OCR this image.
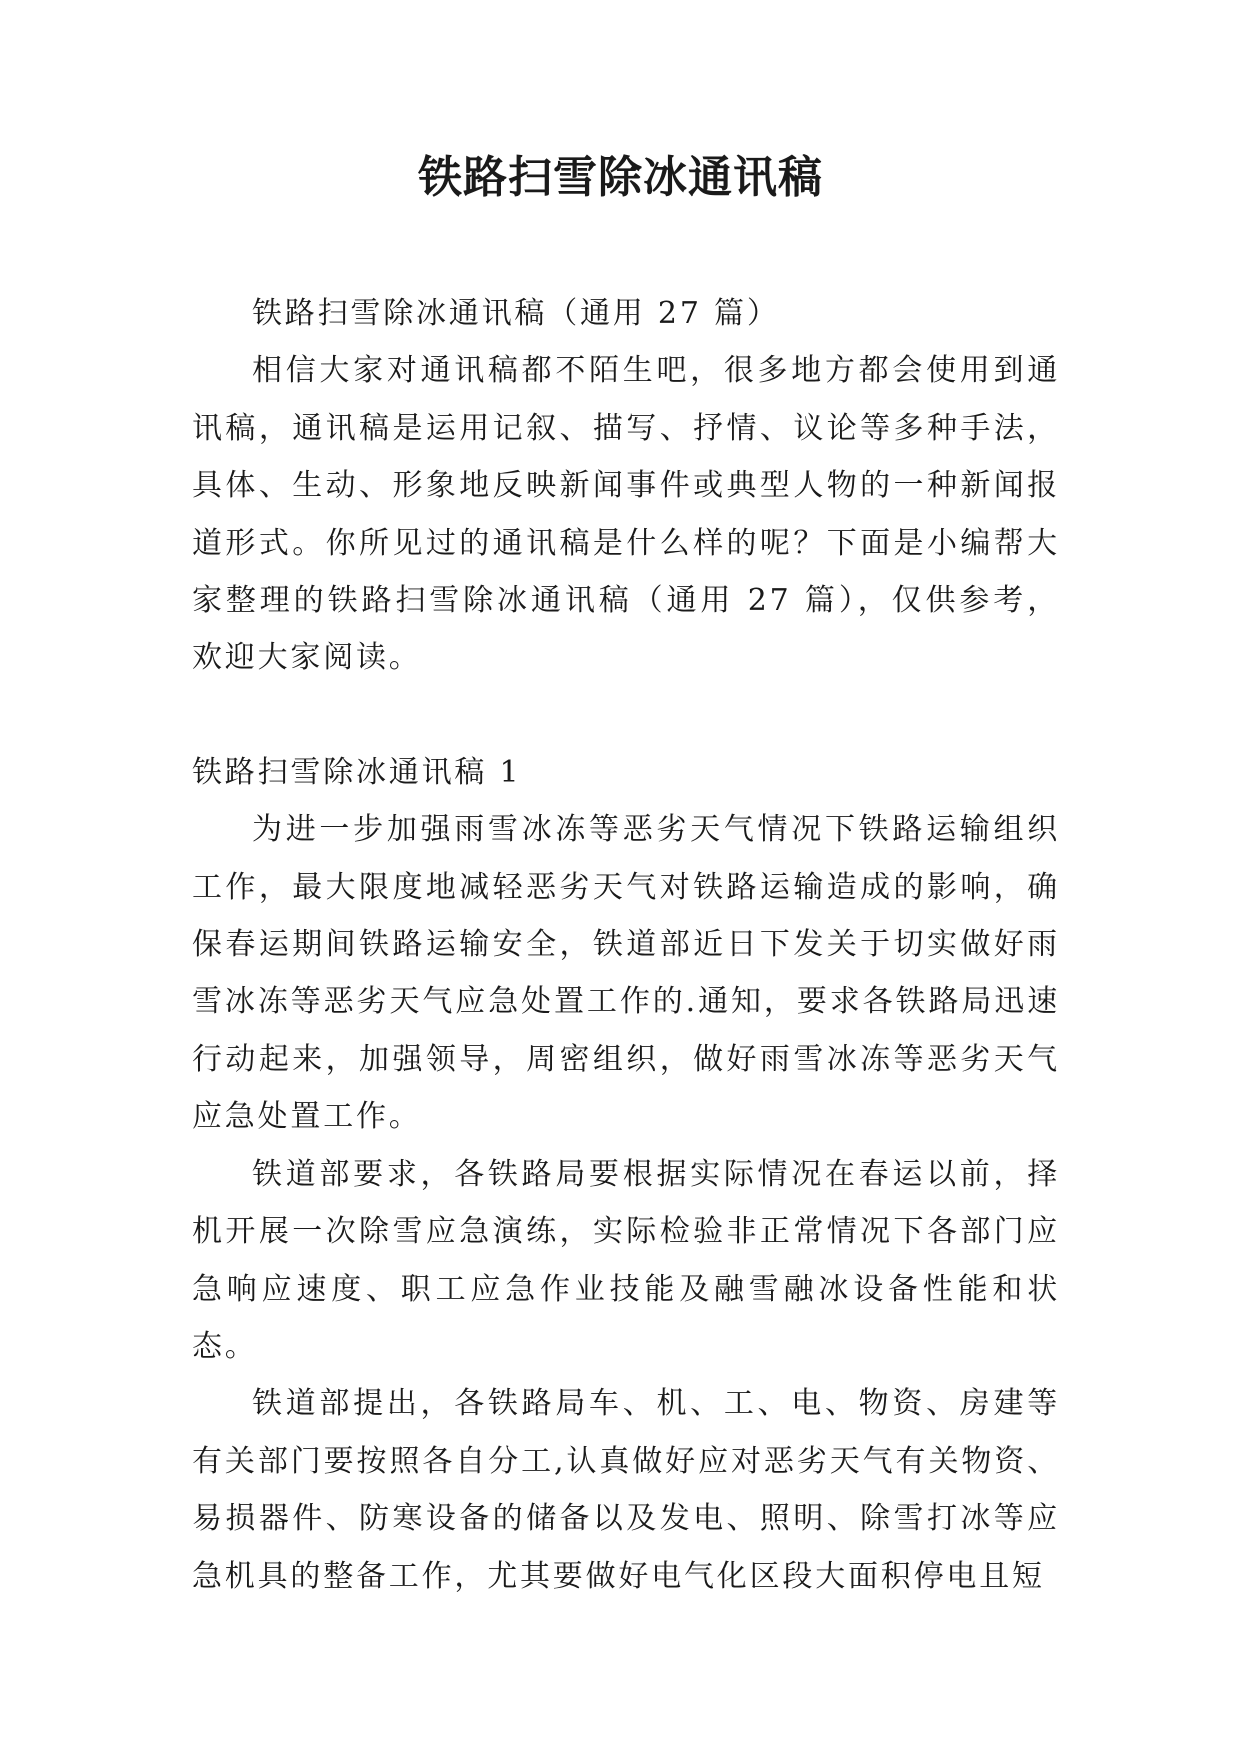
铁路扫雪除冰通讯稿

铁路扫雪除冰通讯稿（通用 27 篇）

相信大家对通讯稿都不陌生吧，很多地方都会使用到通讯稿，通讯稿是运用记叙、描写、抒情、议论等多种手法，具体、生动、形象地反映新闻事件或典型人物的一种新闻报道形式。你所见过的通讯稿是什么样的呢？下面是小编帮大家整理的铁路扫雪除冰通讯稿（通用 27 篇），仅供参考，欢迎大家阅读。

铁路扫雪除冰通讯稿 1

为进一步加强雨雪冰冻等恶劣天气情况下铁路运输组织工作，最大限度地减轻恶劣天气对铁路运输造成的影响，确保春运期间铁路运输安全，铁道部近日下发关于切实做好雨雪冰冻等恶劣天气应急处置工作的.通知，要求各铁路局迅速行动起来，加强领导，周密组织，做好雨雪冰冻等恶劣天气应急处置工作。

铁道部要求，各铁路局要根据实际情况在春运以前，择机开展一次除雪应急演练，实际检验非正常情况下各部门应急响应速度、职工应急作业技能及融雪融冰设备性能和状态。

铁道部提出，各铁路局车、机、工、电、物资、房建等有关部门要按照各自分工,认真做好应对恶劣天气有关物资、易损器件、防寒设备的储备以及发电、照明、除雪打冰等应急机具的整备工作，尤其要做好电气化区段大面积停电且短
